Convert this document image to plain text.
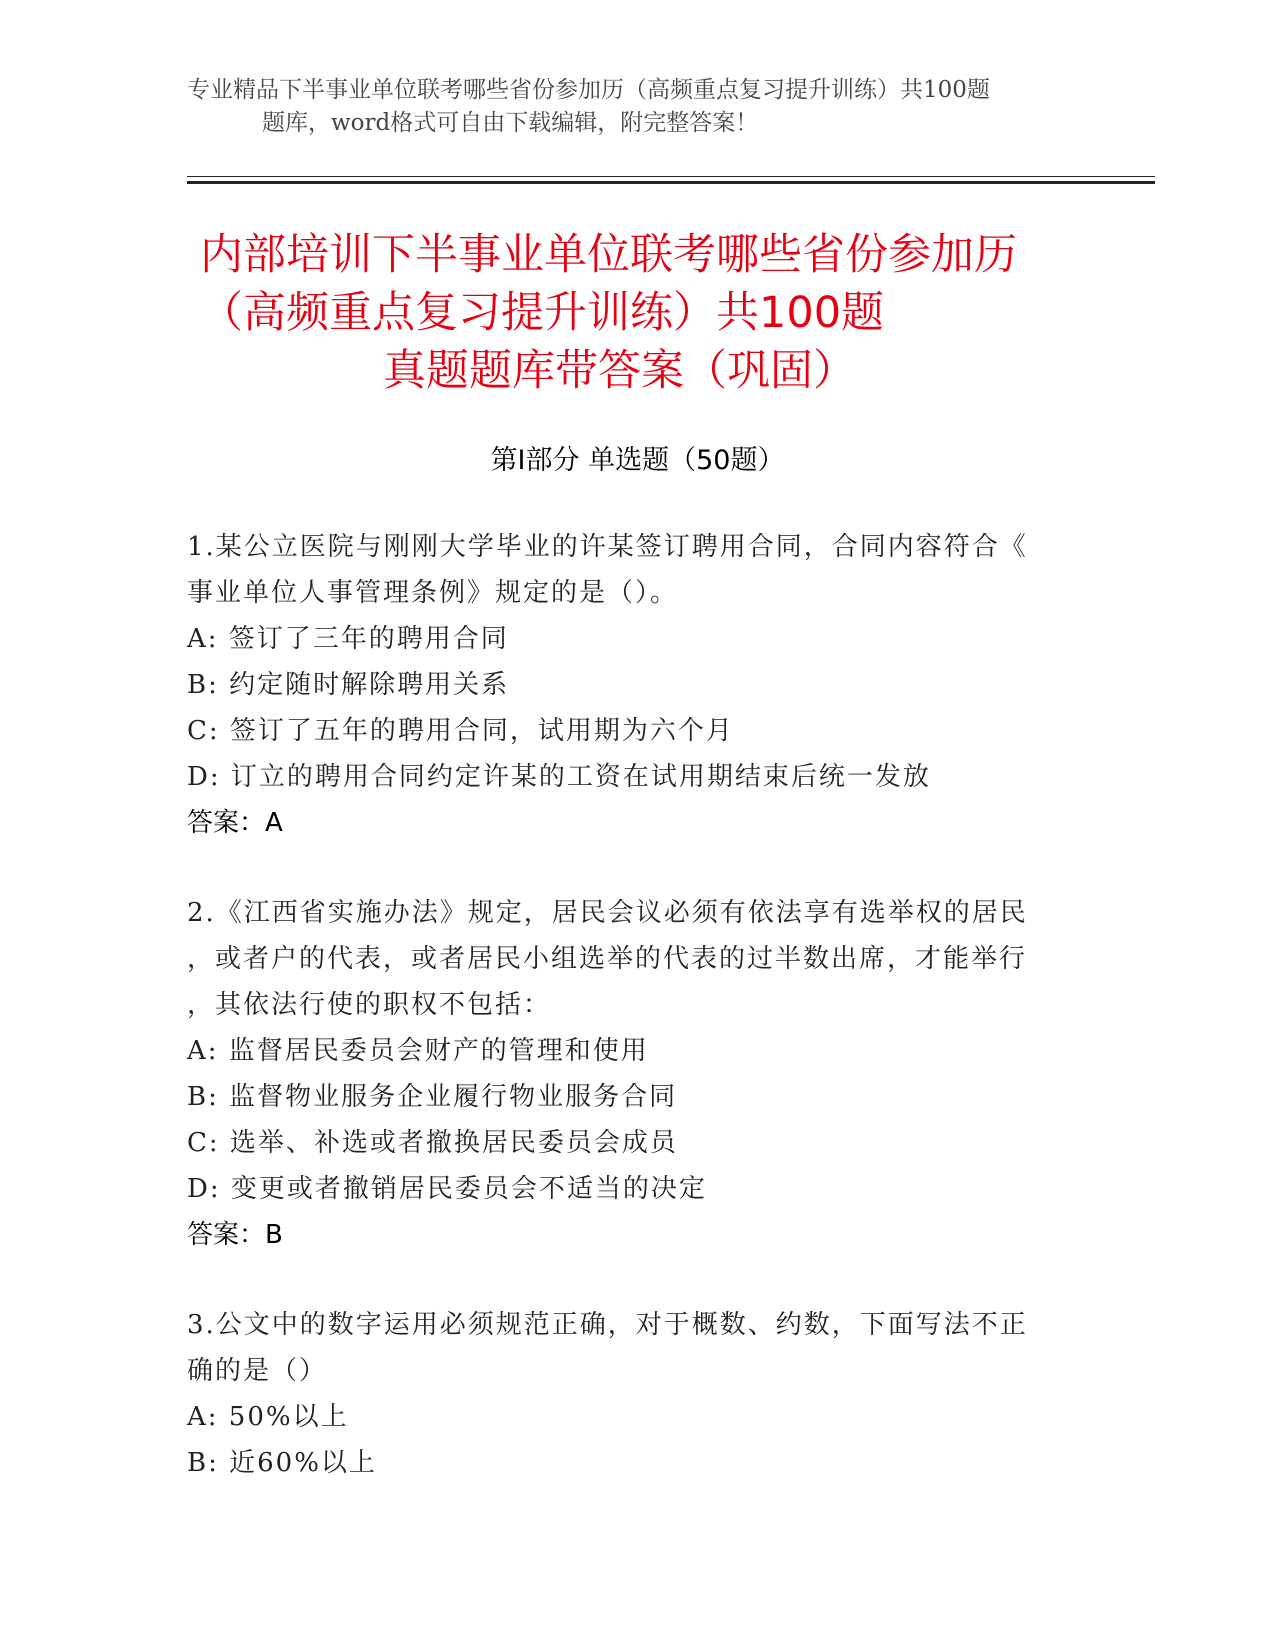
专业精品下半事业单位联考哪些省份参加历（高频重点复习提升训练）共100题
题库，word格式可自由下载编辑，附完整答案！
内部培训下半事业单位联考哪些省份参加历
（高频重点复习提升训练）共100题
真题题库带答案（巩固）
第I部分 单选题（50题）
1.某公立医院与刚刚大学毕业的许某签订聘用合同，合同内容符合《
事业单位人事管理条例》规定的是（）。
A: 签订了三年的聘用合同
B: 约定随时解除聘用关系
C: 签订了五年的聘用合同，试用期为六个月
D: 订立的聘用合同约定许某的工资在试用期结束后统一发放
答案：A
2.《江西省实施办法》规定，居民会议必须有依法享有选举权的居民
，或者户的代表，或者居民小组选举的代表的过半数出席，才能举行
，其依法行使的职权不包括：
A: 监督居民委员会财产的管理和使用
B: 监督物业服务企业履行物业服务合同
C: 选举、补选或者撤换居民委员会成员
D: 变更或者撤销居民委员会不适当的决定
答案：B
3.公文中的数字运用必须规范正确，对于概数、约数，下面写法不正
确的是（）
A: 50%以上
B: 近60%以上
